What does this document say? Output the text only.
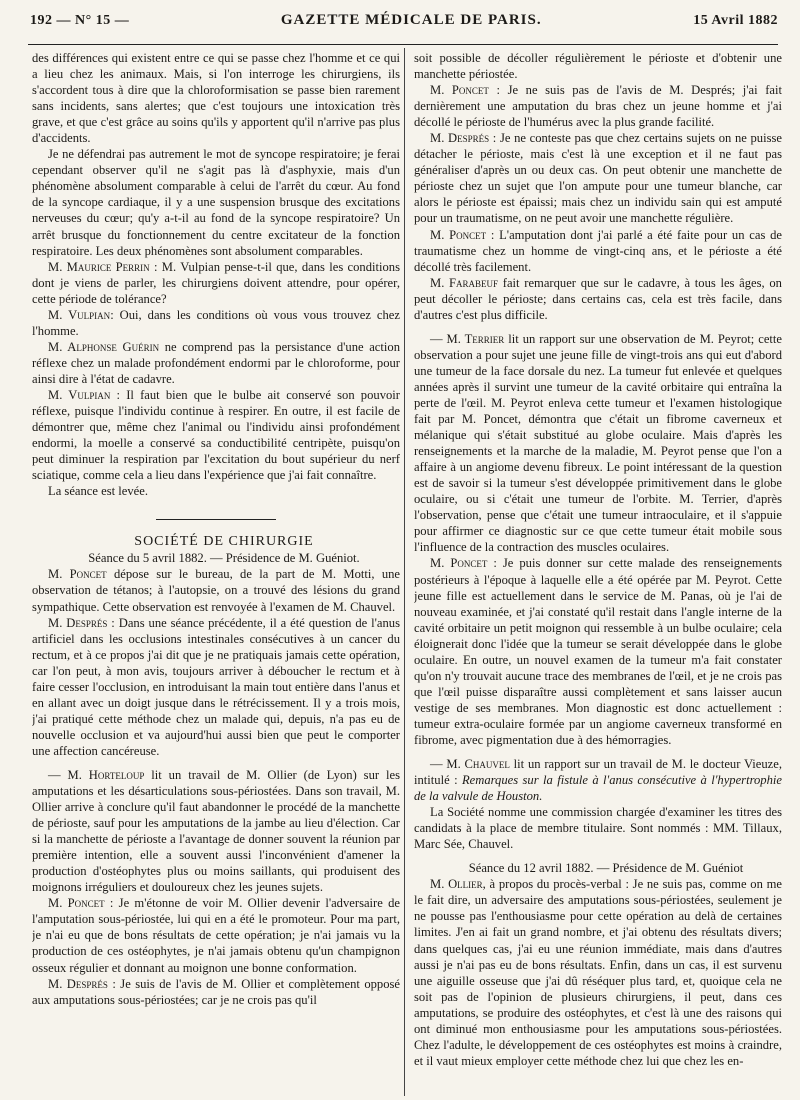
192 — N° 15 —	GAZETTE MÉDICALE DE PARIS.	15 Avril 1882

des différences qui existent entre ce qui se passe chez l'homme et ce qui a lieu chez les animaux. Mais, si l'on interroge les chirurgiens, ils s'accordent tous à dire que la chloroformisation se passe bien rarement sans incidents, sans alertes; que c'est toujours une intoxication très grave, et que c'est grâce au soins qu'ils y apportent qu'il n'arrive pas plus d'accidents.

Je ne défendrai pas autrement le mot de syncope respiratoire; je ferai cependant observer qu'il ne s'agit pas là d'asphyxie, mais d'un phénomène absolument comparable à celui de l'arrêt du cœur. Au fond de la syncope cardiaque, il y a une suspension brusque des excitations nerveuses du cœur; qu'y a-t-il au fond de la syncope respiratoire? Un arrêt brusque du fonctionnement du centre excitateur de la fonction respiratoire. Les deux phénomènes sont absolument comparables.

M. Maurice Perrin : M. Vulpian pense-t-il que, dans les conditions dont je viens de parler, les chirurgiens doivent attendre, pour opérer, cette période de tolérance?

M. Vulpian: Oui, dans les conditions où vous vous trouvez chez l'homme.

M. Alphonse Guérin ne comprend pas la persistance d'une action réflexe chez un malade profondément endormi par le chloroforme, pour ainsi dire à l'état de cadavre.

M. Vulpian : Il faut bien que le bulbe ait conservé son pouvoir réflexe, puisque l'individu continue à respirer. En outre, il est facile de démontrer que, même chez l'animal ou l'individu ainsi profondément endormi, la moelle a conservé sa conductibilité centripète, puisqu'on peut diminuer la respiration par l'excitation du bout supérieur du nerf sciatique, comme cela a lieu dans l'expérience que j'ai fait connaître.

La séance est levée.

SOCIÉTÉ DE CHIRURGIE

Séance du 5 avril 1882. — Présidence de M. Guéniot.

M. Poncet dépose sur le bureau, de la part de M. Motti, une observation de tétanos; à l'autopsie, on a trouvé des lésions du grand sympathique. Cette observation est renvoyée à l'examen de M. Chauvel.

M. Després : Dans une séance précédente, il a été question de l'anus artificiel dans les occlusions intestinales consécutives à un cancer du rectum, et à ce propos j'ai dit que je ne pratiquais jamais cette opération, car l'on peut, à mon avis, toujours arriver à déboucher le rectum et à faire cesser l'occlusion, en introduisant la main tout entière dans l'anus et en allant avec un doigt jusque dans le rétrécissement. Il y a trois mois, j'ai pratiqué cette méthode chez un malade qui, depuis, n'a pas eu de nouvelle occlusion et va aujourd'hui aussi bien que peut le comporter une affection cancéreuse.

— M. Horteloup lit un travail de M. Ollier (de Lyon) sur les amputations et les désarticulations sous-périostées. Dans son travail, M. Ollier arrive à conclure qu'il faut abandonner le procédé de la manchette de périoste, sauf pour les amputations de la jambe au lieu d'élection. Car si la manchette de périoste a l'avantage de donner souvent la réunion par première intention, elle a souvent aussi l'inconvénient d'amener la production d'ostéophytes plus ou moins saillants, qui produisent des moignons irréguliers et douloureux chez les jeunes sujets.

M. Poncet : Je m'étonne de voir M. Ollier devenir l'adversaire de l'amputation sous-périostée, lui qui en a été le promoteur. Pour ma part, je n'ai eu que de bons résultats de cette opération; je n'ai jamais vu la production de ces ostéophytes, je n'ai jamais obtenu qu'un champignon osseux régulier et donnant au moignon une bonne conformation.

M. Després : Je suis de l'avis de M. Ollier et complètement opposé aux amputations sous-périostées; car je ne crois pas qu'il

soit possible de décoller régulièrement le périoste et d'obtenir une manchette périostée.

M. Poncet : Je ne suis pas de l'avis de M. Després; j'ai fait dernièrement une amputation du bras chez un jeune homme et j'ai décollé le périoste de l'humérus avec la plus grande facilité.

M. Després : Je ne conteste pas que chez certains sujets on ne puisse détacher le périoste, mais c'est là une exception et il ne faut pas généraliser d'après un ou deux cas. On peut obtenir une manchette de périoste chez un sujet que l'on ampute pour une tumeur blanche, car alors le périoste est épaissi; mais chez un individu sain qui est amputé pour un traumatisme, on ne peut avoir une manchette régulière.

M. Poncet : L'amputation dont j'ai parlé a été faite pour un cas de traumatisme chez un homme de vingt-cinq ans, et le périoste a été décollé très facilement.

M. Farabeuf fait remarquer que sur le cadavre, à tous les âges, on peut décoller le périoste; dans certains cas, cela est très facile, dans d'autres c'est plus difficile.

— M. Terrier lit un rapport sur une observation de M. Peyrot; cette observation a pour sujet une jeune fille de vingt-trois ans qui eut d'abord une tumeur de la face dorsale du nez. La tumeur fut enlevée et quelques années après il survint une tumeur de la cavité orbitaire qui entraîna la perte de l'œil. M. Peyrot enleva cette tumeur et l'examen histologique fait par M. Poncet, démontra que c'était un fibrome caverneux et mélanique qui s'était substitué au globe oculaire. Mais d'après les renseignements et la marche de la maladie, M. Peyrot pense que l'on a affaire à un angiome devenu fibreux. Le point intéressant de la question est de savoir si la tumeur s'est développée primitivement dans le globe oculaire, ou si c'était une tumeur de l'orbite. M. Terrier, d'après l'observation, pense que c'était une tumeur intraoculaire, et il s'appuie pour affirmer ce diagnostic sur ce que cette tumeur était mobile sous l'influence de la contraction des muscles oculaires.

M. Poncet : Je puis donner sur cette malade des renseignements postérieurs à l'époque à laquelle elle a été opérée par M. Peyrot. Cette jeune fille est actuellement dans le service de M. Panas, où je l'ai de nouveau examinée, et j'ai constaté qu'il restait dans l'angle interne de la cavité orbitaire un petit moignon qui ressemble à un bulbe oculaire; cela éloignerait donc l'idée que la tumeur se serait développée dans le globe oculaire. En outre, un nouvel examen de la tumeur m'a fait constater qu'on n'y trouvait aucune trace des membranes de l'œil, et je ne crois pas que l'œil puisse disparaître aussi complètement et sans laisser aucun vestige de ses membranes. Mon diagnostic est donc actuellement : tumeur extra-oculaire formée par un angiome caverneux transformé en fibrome, avec pigmentation due à des hémorragies.

— M. Chauvel lit un rapport sur un travail de M. le docteur Vieuze, intitulé : Remarques sur la fistule à l'anus consécutive à l'hypertrophie de la valvule de Houston.

La Société nomme une commission chargée d'examiner les titres des candidats à la place de membre titulaire. Sont nommés : MM. Tillaux, Marc Sée, Chauvel.

Séance du 12 avril 1882. — Présidence de M. Guéniot

M. Ollier, à propos du procès-verbal : Je ne suis pas, comme on me le fait dire, un adversaire des amputations sous-périostées, seulement je ne pousse pas l'enthousiasme pour cette opération au delà de certaines limites. J'en ai fait un grand nombre, et j'ai obtenu des résultats divers; dans quelques cas, j'ai eu une réunion immédiate, mais dans d'autres aussi je n'ai pas eu de bons résultats. Enfin, dans un cas, il est survenu une aiguille osseuse que j'ai dû réséquer plus tard, et, quoique cela ne soit pas de l'opinion de plusieurs chirurgiens, il peut, dans ces amputations, se produire des ostéophytes, et c'est là une des raisons qui ont diminué mon enthousiasme pour les amputations sous-périostées. Chez l'adulte, le développement de ces ostéophytes est moins à craindre, et il vaut mieux employer cette méthode chez lui que chez les en-
